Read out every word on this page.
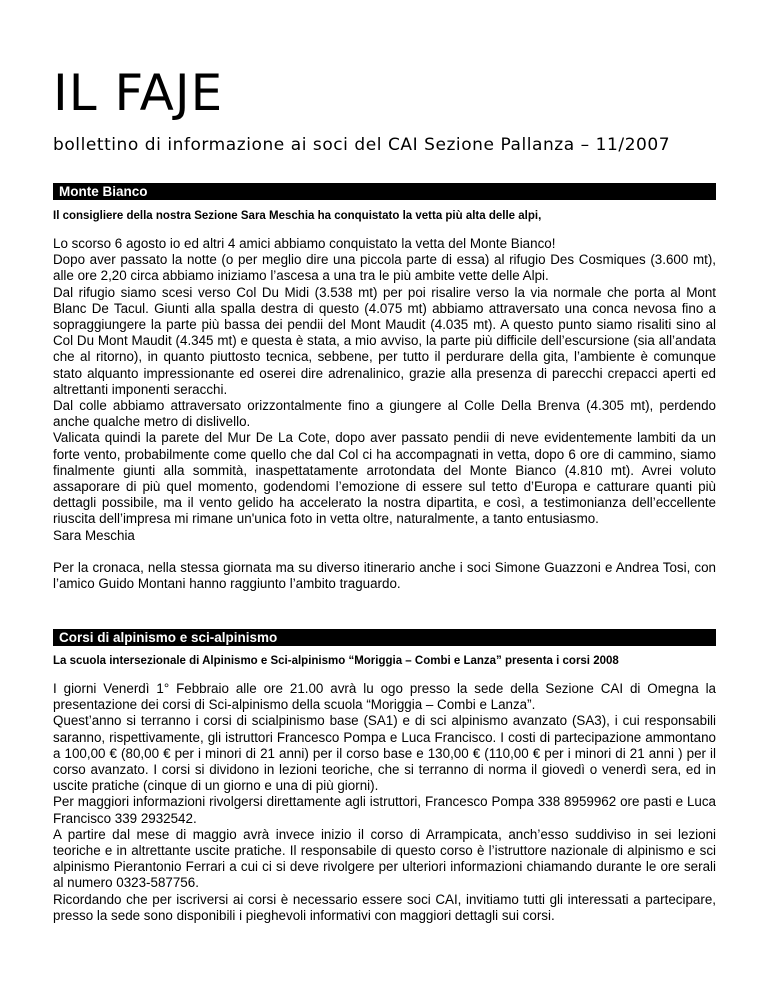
IL FAJE
bollettino di informazione ai soci del CAI Sezione Pallanza – 11/2007
Monte Bianco
Il consigliere della nostra Sezione Sara Meschia ha conquistato la vetta più alta delle alpi,

Lo scorso 6 agosto io ed altri 4 amici abbiamo conquistato la vetta del Monte Bianco!

Dopo aver passato la notte (o per meglio dire una piccola parte di essa) al rifugio Des Cosmiques (3.600 mt), alle ore 2,20 circa abbiamo iniziamo l’ascesa a una tra le più ambite vette delle Alpi.

Dal rifugio siamo scesi verso Col Du Midi (3.538 mt) per poi risalire verso la via normale che porta al Mont Blanc De Tacul. Giunti alla spalla destra di questo (4.075 mt) abbiamo attraversato una conca nevosa fino a sopraggiungere la parte più bassa dei pendii del Mont Maudit (4.035 mt). A questo punto siamo risaliti sino al Col Du Mont Maudit (4.345 mt) e questa è stata, a mio avviso, la parte più difficile dell’escursione (sia all’andata che al ritorno), in quanto piuttosto tecnica, sebbene, per tutto il perdurare della gita, l’ambiente è comunque stato alquanto impressionante ed oserei dire adrenalinico, grazie alla presenza di parecchi crepacci aperti ed altrettanti imponenti seracchi.

Dal colle abbiamo attraversato orizzontalmente fino a giungere al Colle Della Brenva (4.305 mt), perdendo anche qualche metro di dislivello.

Valicata quindi la parete del Mur De La Cote, dopo aver passato pendii di neve evidentemente lambiti da un forte vento, probabilmente come quello che dal Col ci ha accompagnati in vetta, dopo 6 ore di cammino, siamo finalmente giunti alla sommità, inaspettatamente arrotondata del Monte Bianco (4.810 mt). Avrei voluto assaporare di più quel momento, godendomi l’emozione di essere sul tetto d’Europa e catturare quanti più dettagli possibile, ma il vento gelido ha accelerato la nostra dipartita, e così, a testimonianza dell’eccellente riuscita dell’impresa mi rimane un'unica foto in vetta oltre, naturalmente, a tanto entusiasmo.

Sara Meschia

Per la cronaca, nella stessa giornata ma su diverso itinerario anche i soci Simone Guazzoni e Andrea Tosi, con l’amico Guido Montani hanno raggiunto l’ambito traguardo.

Corsi di alpinismo e sci-alpinismo
La scuola intersezionale di Alpinismo e Sci-alpinismo “Moriggia – Combi e Lanza” presenta i corsi 2008

I giorni Venerdì 1° Febbraio alle ore 21.00 avrà lu ogo presso la sede della Sezione CAI di Omegna la presentazione dei corsi di Sci-alpinismo della scuola “Moriggia – Combi e Lanza”.

Quest’anno si terranno i corsi di scialpinismo base (SA1) e di sci alpinismo avanzato (SA3), i cui responsabili saranno, rispettivamente, gli istruttori Francesco Pompa e Luca Francisco. I costi di partecipazione ammontano a 100,00 € (80,00 € per i minori di 21 anni) per il corso base e 130,00 € (110,00 € per i minori di 21 anni ) per il corso avanzato. I corsi si dividono in lezioni teoriche, che si terranno di norma il giovedì o venerdì sera, ed in uscite pratiche (cinque di un giorno e una di più giorni).

Per maggiori informazioni rivolgersi direttamente agli istruttori, Francesco Pompa 338 8959962 ore pasti e Luca Francisco 339 2932542.

A partire dal mese di maggio avrà invece inizio il corso di Arrampicata, anch’esso suddiviso in sei lezioni teoriche e in altrettante uscite pratiche. Il responsabile di questo corso è l’istruttore nazionale di alpinismo e sci alpinismo Pierantonio Ferrari a cui ci si deve rivolgere per ulteriori informazioni chiamando durante le ore serali al numero 0323-587756.

Ricordando che per iscriversi ai corsi è necessario essere soci CAI, invitiamo tutti gli interessati a partecipare, presso la sede sono disponibili i pieghevoli informativi con maggiori dettagli sui corsi.
